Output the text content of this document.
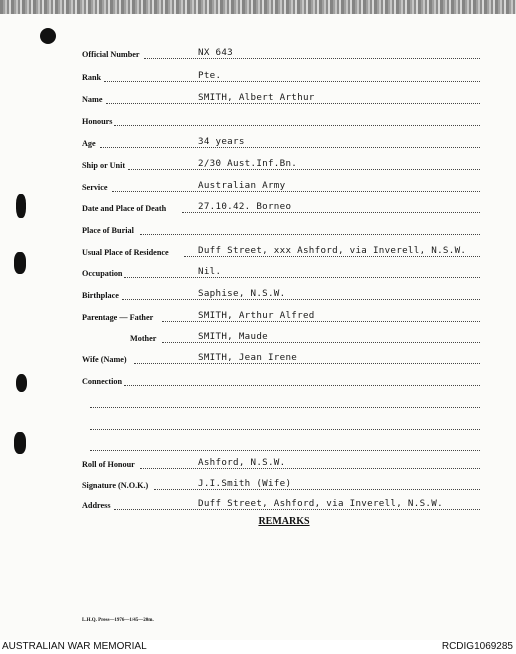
Official Number	NX 643
Rank	Pte.
Name	SMITH, Albert Arthur
Honours
Age	34 years
Ship or Unit	2/30 Aust.Inf.Bn.
Service	Australian Army
Date and Place of Death	27.10.42. Borneo
Place of Burial
Usual Place of Residence	Duff Street, xxx Ashford, via Inverell, N.S.W.
Occupation	Nil.
Birthplace	Saphise, N.S.W.
Parentage — Father	SMITH, Arthur Alfred
Mother	SMITH, Maude
Wife (Name)	SMITH, Jean Irene
Connection
Roll of Honour	Ashford, N.S.W.
Signature (N.O.K.)	J.I.Smith (Wife)
Address	Duff Street, Ashford, via Inverell, N.S.W.
REMARKS
L.H.Q. Press—1976—1/45—20m.
AUSTRALIAN WAR MEMORIAL	RCDIG1069285
